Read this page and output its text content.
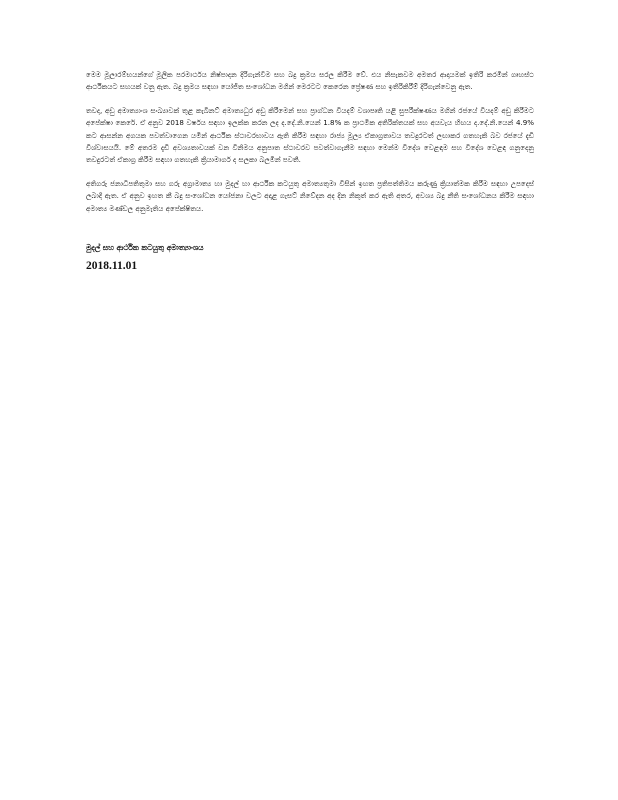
මෙම මූලාරම්භයන්ගේ මූලික පරමාර්ථය නිෂ්පාදන දිරිගැන්වීම සහ බදු ක්‍රමය සරල කිරීම වේ. එය නිසැකවම අමතර ආදායමක් ඉතිරි කරමින් ගෘහස්ථ ආර්ථිකයට සහයක් වනු ඇත. බදු ක්‍රමය සඳහා යෝජිත සංශෝධන මගින් මෙරටට කෙරෙන ප්‍රේෂණ සහ ඉතිරිකිරීම් දිරිගැන්වෙනු ඇත.

තවද, අඩු අමාත්‍යාංශ සංඛ්‍යාවක් තුළ කැබිනට් අමාත්‍යධුර අඩු කිරීමෙන් සහ ප්‍රාග්ධන වියදම් වශාපෘති යළි සුපරීක්ෂණය මගින් රජයේ වියදම් අඩු කිරීමට අපේක්ෂා කෙරේ. ඒ අනුව 2018 වර්ෂය සඳහා ඉලක්ක කරන ලද ද.දේ.නි.යෙන් 1.8% ක ප්‍රාථමික අතිරික්තයක් සහ අයවැය හිඟය ද.දේ.නි.යෙන් 4.9% කට ආසන්න අගයක පවත්වාගෙන යමින් ආර්ථික ස්ථාවරභාවය ඇති කිරීම සඳහා රාජ්‍ය මූල්‍ය ඒකාග්‍රතාවය තවදුරටත් ලඟාකර ගතහැකි බව රජයේ දැඩි විශ්වාසයයි. මේ අතරම දැඩි අවශ්‍යතාවයක් වන විනිමය අනුපාත ස්ථාවරව පවත්වාගැනීම සඳහා මෙන්ම විදේශ වෙළඳාම සහ විදේශ වෙළඳ ගනුදෙනු තවදුරටත් ඒකාග්‍ර කිරීම සඳහා ගතහැකි ක්‍රියාමාර්ග ද සලකා බලමින් පවතී.

අතිගරු ජනාධිපතිතුමා සහ ගරු අග්‍රාමාත්‍ය හා මුදල් හා ආර්ථික කටයුතු අමාත්‍යතුමා විසින් ඉහත ප්‍රතිපත්තිමය කරුණු ක්‍රියාත්මක කිරීම සඳහා උපදෙස් ලබාදී ඇත. ඒ අනුව ඉහත කී බදු සංශෝධන යෝජනා වලට අදාළ ගැසට් නිවේදන අද දින නිකුත් කර ඇති අතර, අවශ්‍ය බදු නීති සංශෝධනය කිරීම සඳහා අමාත්‍ය මණ්ඩල අනුමැතිය අපේක්ෂිතය.

මුදල් සහ ආර්ථික කටයුතු අමාත්‍යාංශය

2018.11.01
